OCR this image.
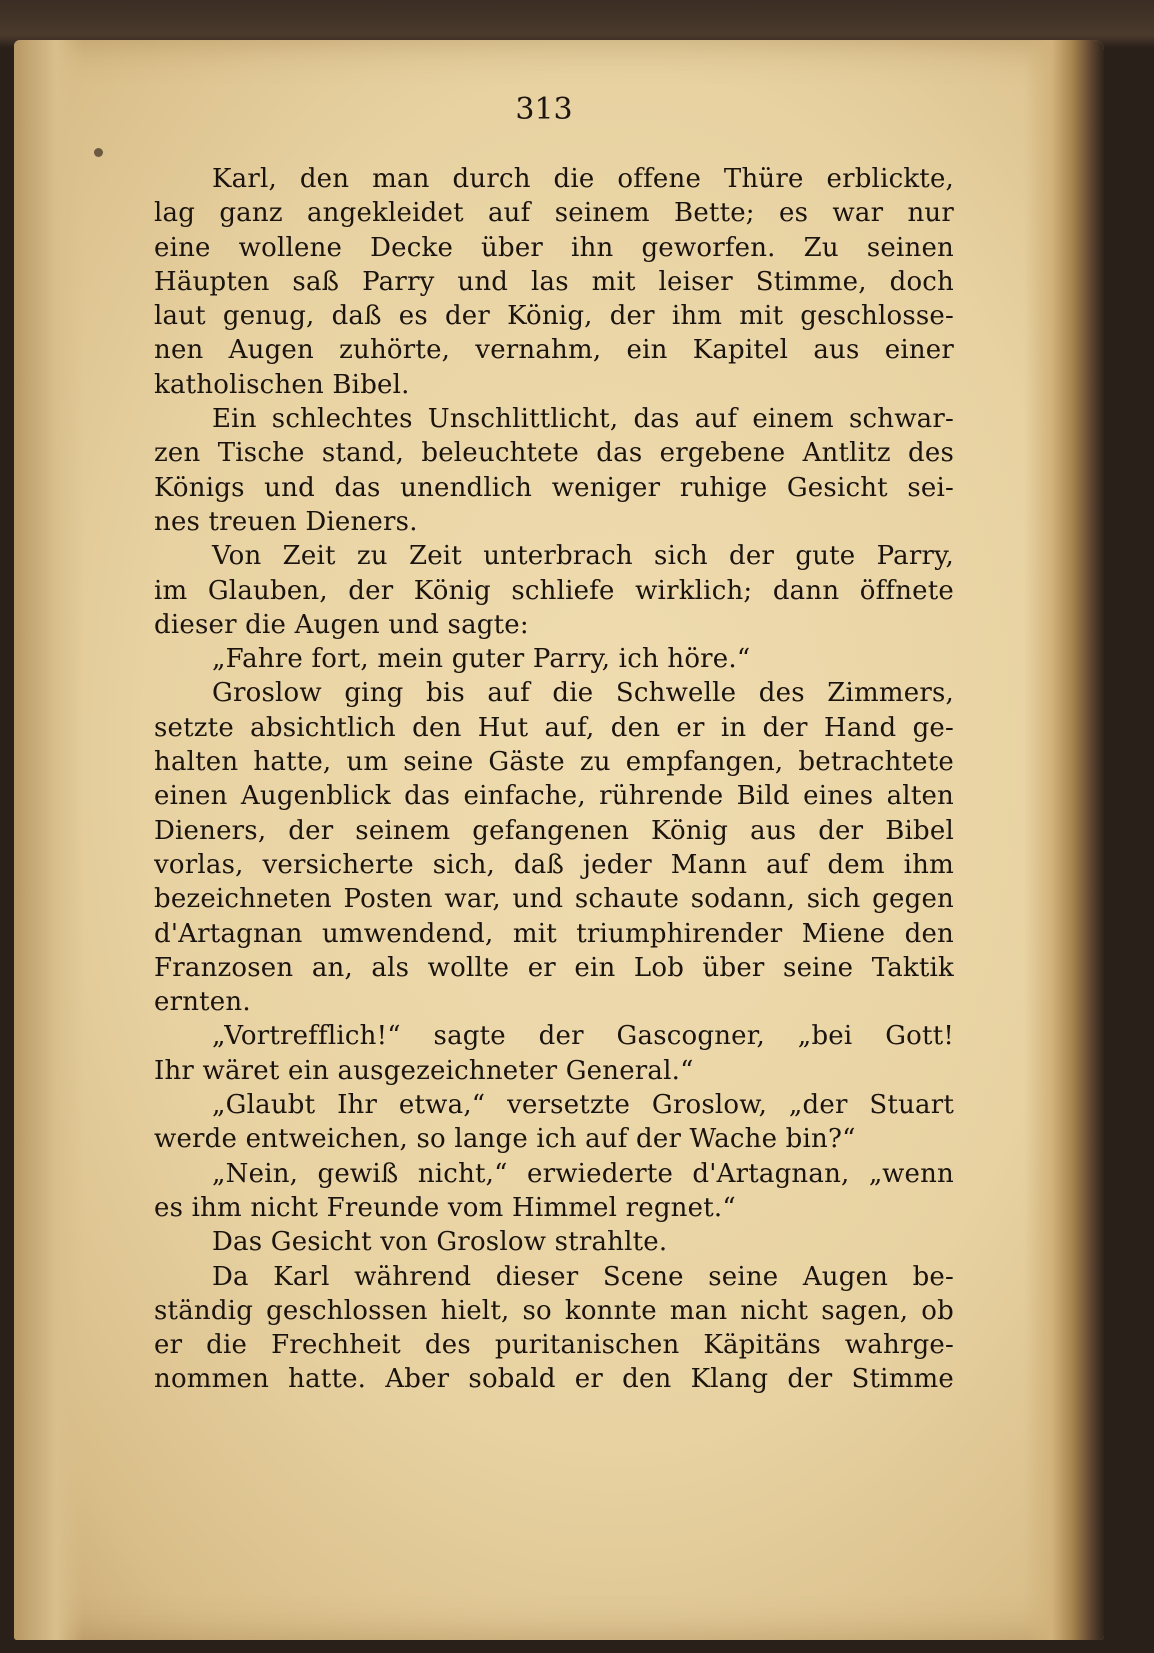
313
Karl, den man durch die offene Thüre erblickte,
lag ganz angekleidet auf seinem Bette; es war nur
eine wollene Decke über ihn geworfen. Zu seinen
Häupten saß Parry und las mit leiser Stimme, doch
laut genug, daß es der König, der ihm mit geschlosse-
nen Augen zuhörte, vernahm, ein Kapitel aus einer
katholischen Bibel.
Ein schlechtes Unschlittlicht, das auf einem schwar-
zen Tische stand, beleuchtete das ergebene Antlitz des
Königs und das unendlich weniger ruhige Gesicht sei-
nes treuen Dieners.
Von Zeit zu Zeit unterbrach sich der gute Parry,
im Glauben, der König schliefe wirklich; dann öffnete
dieser die Augen und sagte:
„Fahre fort, mein guter Parry, ich höre.“
Groslow ging bis auf die Schwelle des Zimmers,
setzte absichtlich den Hut auf, den er in der Hand ge-
halten hatte, um seine Gäste zu empfangen, betrachtete
einen Augenblick das einfache, rührende Bild eines alten
Dieners, der seinem gefangenen König aus der Bibel
vorlas, versicherte sich, daß jeder Mann auf dem ihm
bezeichneten Posten war, und schaute sodann, sich gegen
d'Artagnan umwendend, mit triumphirender Miene den
Franzosen an, als wollte er ein Lob über seine Taktik
ernten.
„Vortrefflich!“ sagte der Gascogner, „bei Gott!
Ihr wäret ein ausgezeichneter General.“
„Glaubt Ihr etwa,“ versetzte Groslow, „der Stuart
werde entweichen, so lange ich auf der Wache bin?“
„Nein, gewiß nicht,“ erwiederte d'Artagnan, „wenn
es ihm nicht Freunde vom Himmel regnet.“
Das Gesicht von Groslow strahlte.
Da Karl während dieser Scene seine Augen be-
ständig geschlossen hielt, so konnte man nicht sagen, ob
er die Frechheit des puritanischen Käpitäns wahrge-
nommen hatte. Aber sobald er den Klang der Stimme
